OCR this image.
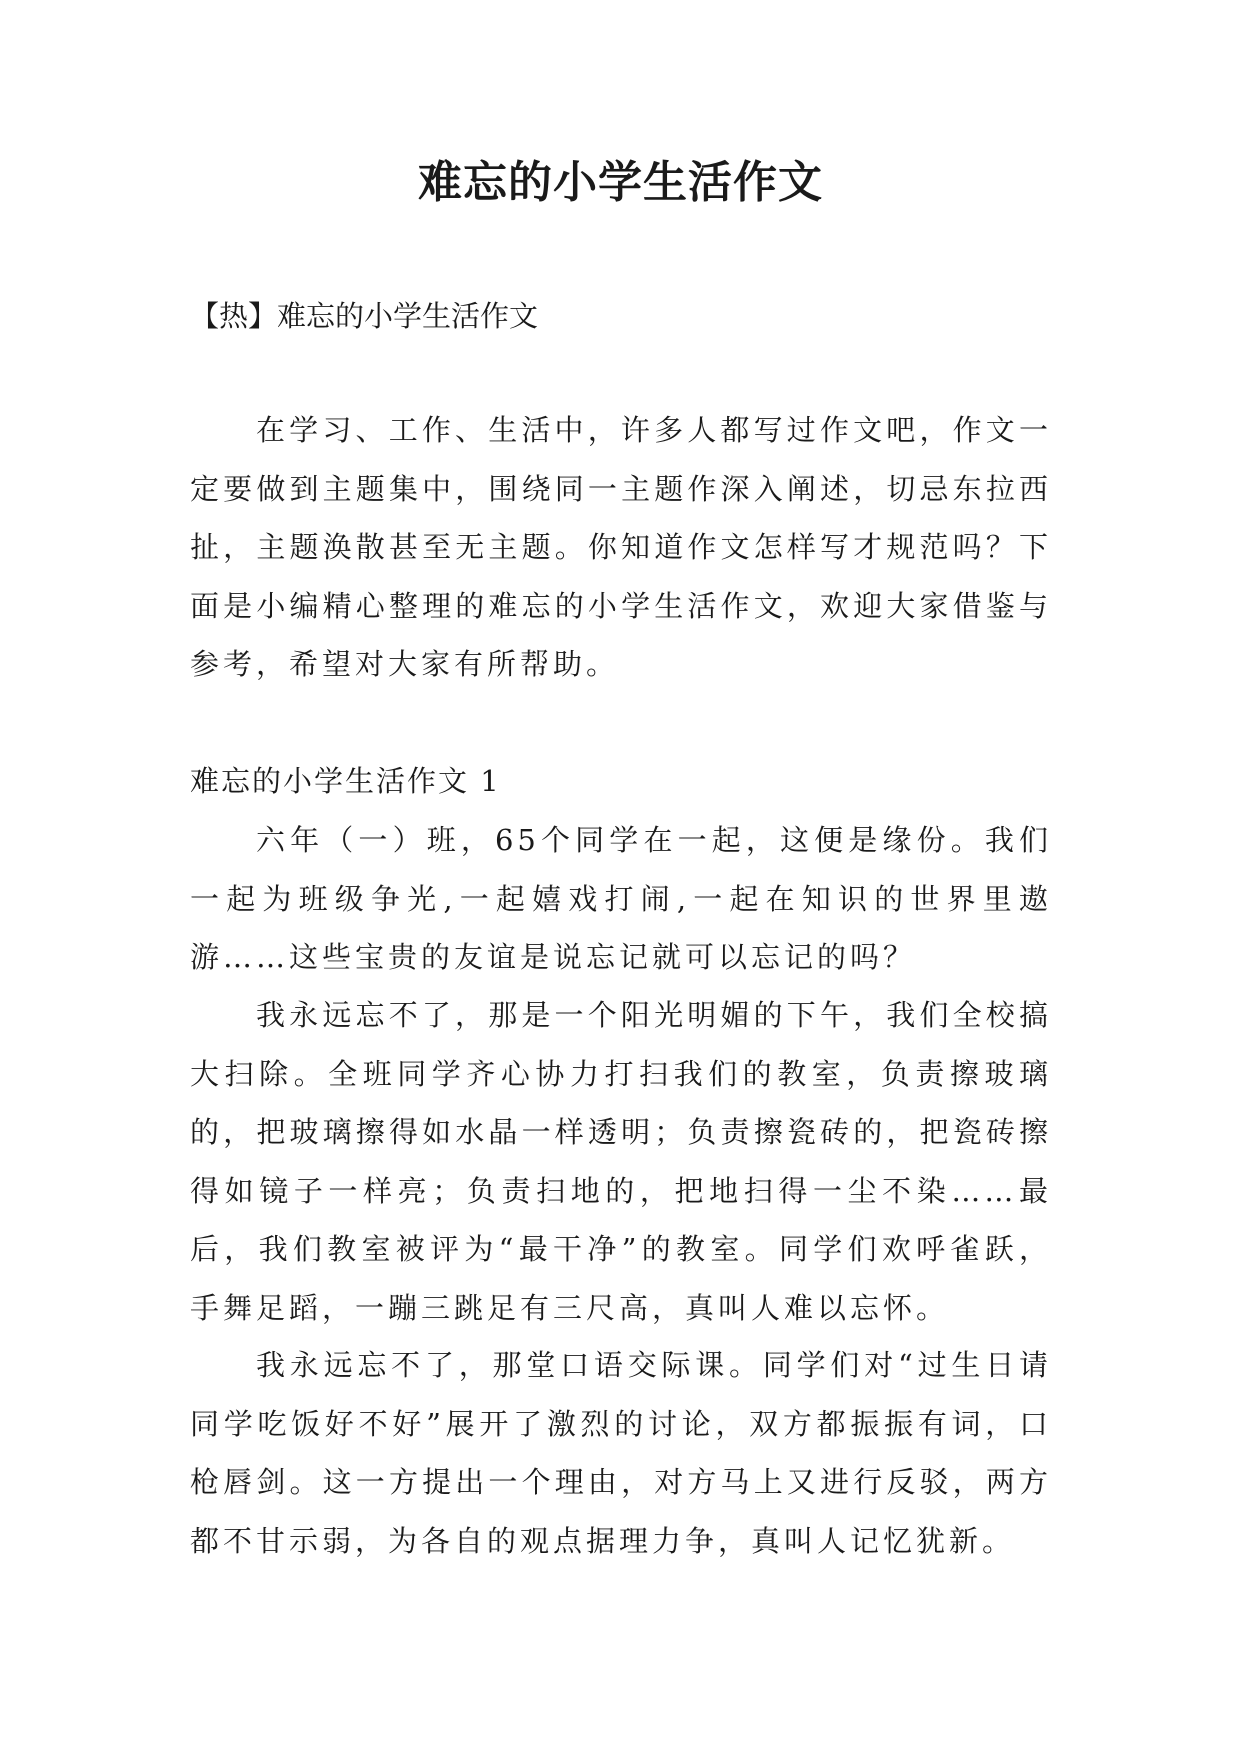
难忘的小学生活作文

【热】难忘的小学生活作文

在学习、工作、生活中，许多人都写过作文吧，作文一定要做到主题集中，围绕同一主题作深入阐述，切忌东拉西扯，主题涣散甚至无主题。你知道作文怎样写才规范吗？下面是小编精心整理的难忘的小学生活作文，欢迎大家借鉴与参考，希望对大家有所帮助。

难忘的小学生活作文 1

六年（一）班，65个同学在一起，这便是缘份。我们一起为班级争光,一起嬉戏打闹,一起在知识的世界里遨游……这些宝贵的友谊是说忘记就可以忘记的吗？

我永远忘不了，那是一个阳光明媚的下午，我们全校搞大扫除。全班同学齐心协力打扫我们的教室，负责擦玻璃的，把玻璃擦得如水晶一样透明；负责擦瓷砖的，把瓷砖擦得如镜子一样亮；负责扫地的，把地扫得一尘不染……最后，我们教室被评为“最干净”的教室。同学们欢呼雀跃，手舞足蹈，一蹦三跳足有三尺高，真叫人难以忘怀。

我永远忘不了，那堂口语交际课。同学们对“过生日请同学吃饭好不好”展开了激烈的讨论，双方都振振有词，口枪唇剑。这一方提出一个理由，对方马上又进行反驳，两方都不甘示弱，为各自的观点据理力争，真叫人记忆犹新。
